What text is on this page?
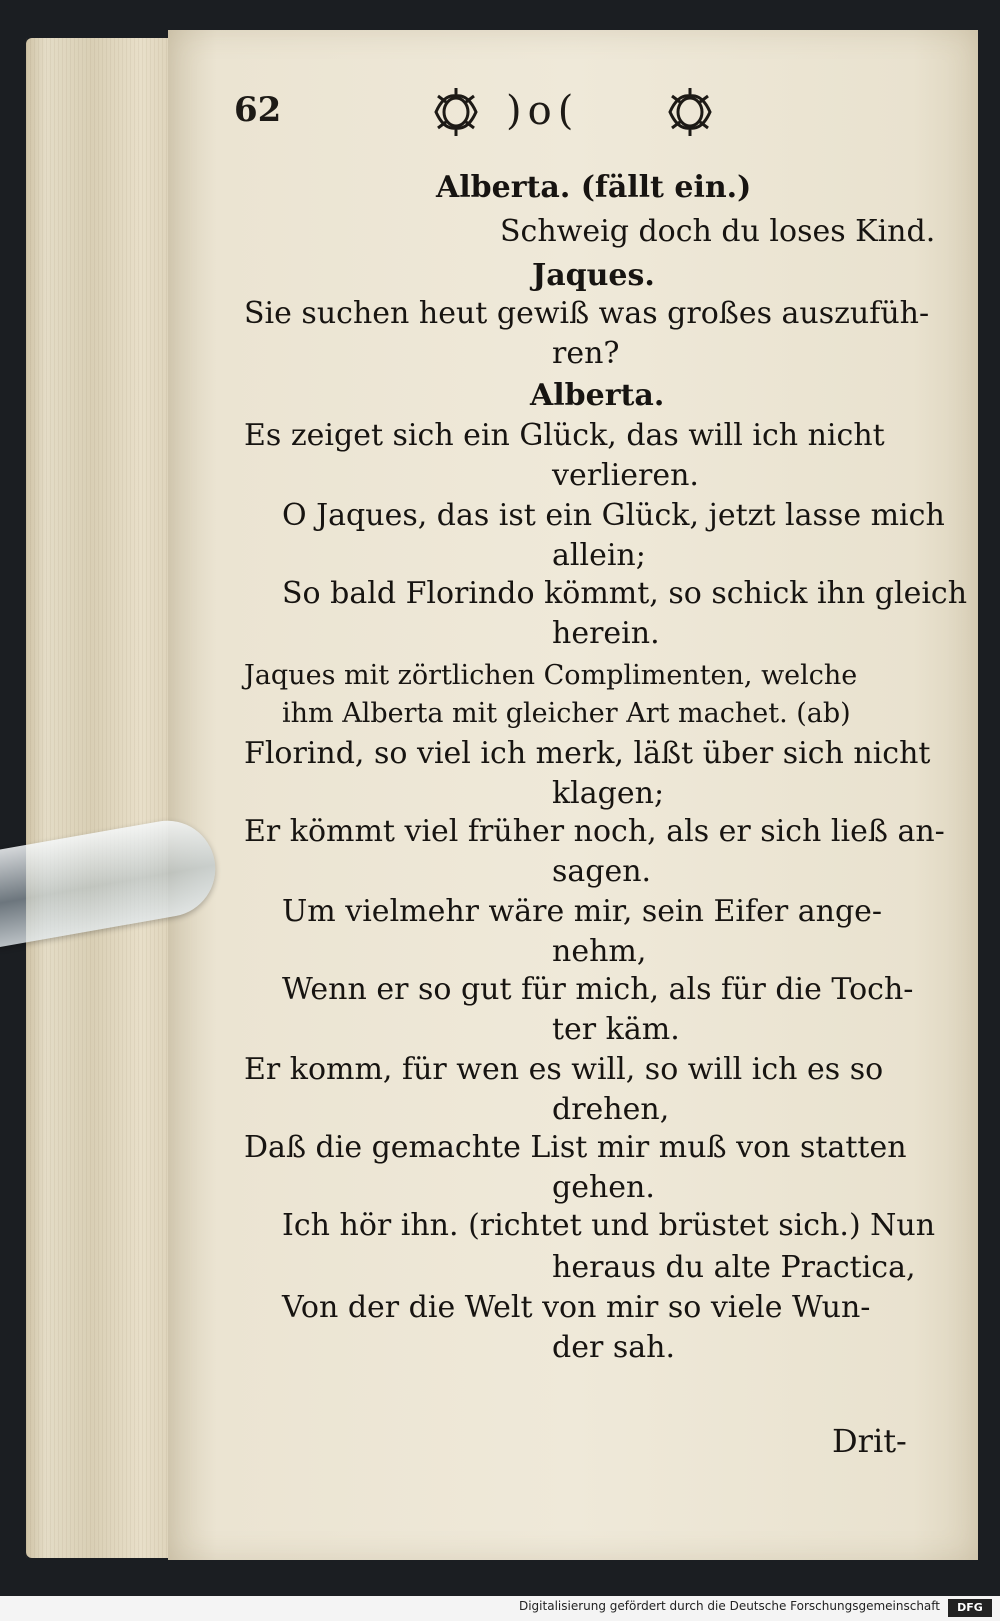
62	)o(
Alberta. (fällt ein.)
Schweig doch du loses Kind.
Jaques.
Sie suchen heut gewiß was großes auszufüh-
ren?
Alberta.
Es zeiget sich ein Glück, das will ich nicht
verlieren.
O Jaques, das ist ein Glück, jetzt lasse mich
allein;
So bald Florindo kömmt, so schick ihn gleich
herein.
Jaques mit zörtlichen Complimenten, welche
ihm Alberta mit gleicher Art machet. (ab)
Florind, so viel ich merk, läßt über sich nicht
klagen;
Er kömmt viel früher noch, als er sich ließ an-
sagen.
Um vielmehr wäre mir, sein Eifer ange-
nehm,
Wenn er so gut für mich, als für die Toch-
ter käm.
Er komm, für wen es will, so will ich es so
drehen,
Daß die gemachte List mir muß von statten
gehen.
Ich hör ihn. (richtet und brüstet sich.) Nun
heraus du alte Practica,
Von der die Welt von mir so viele Wun-
der sah.
Drit-
Digitalisierung gefördert durch die Deutsche Forschungsgemeinschaft	DFG
